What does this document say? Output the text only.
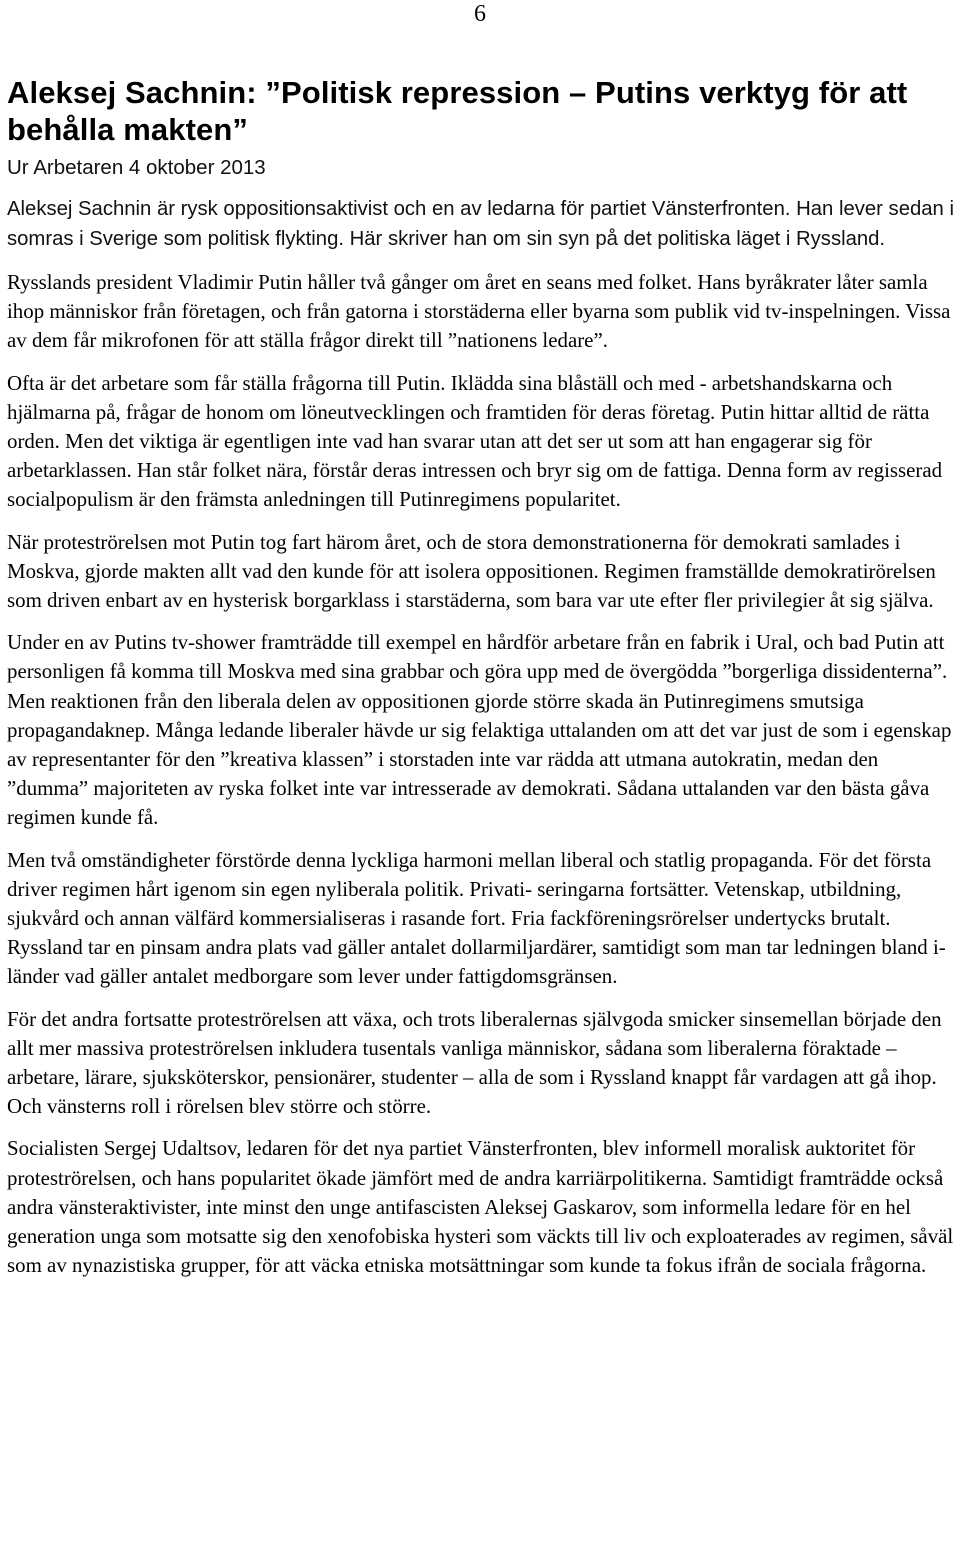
6
Aleksej Sachnin: ”Politisk repression – Putins verktyg för att behålla makten”
Ur Arbetaren 4 oktober 2013

Aleksej Sachnin är rysk oppositionsaktivist och en av ledarna för partiet Vänsterfronten. Han lever sedan i somras i Sverige som politisk flykting. Här skriver han om sin syn på det politiska läget i Ryssland.

Rysslands president Vladimir Putin håller två gånger om året en seans med folket. Hans byråkrater låter samla ihop människor från företagen, och från gatorna i storstäderna eller byarna som publik vid tv-inspelningen. Vissa av dem får mikrofonen för att ställa frågor direkt till ”nationens ledare”.

Ofta är det arbetare som får ställa frågorna till Putin. Iklädda sina blåställ och med - arbetshandskarna och hjälmarna på, frågar de honom om löneutvecklingen och framtiden för deras företag. Putin hittar alltid de rätta orden. Men det viktiga är egentligen inte vad han svarar utan att det ser ut som att han engagerar sig för arbetarklassen. Han står folket nära, förstår deras intressen och bryr sig om de fattiga. Denna form av regisserad socialpopulism är den främsta anledningen till Putinregimens popularitet.

När proteströrelsen mot Putin tog fart härom året, och de stora demonstrationerna för demokrati samlades i Moskva, gjorde makten allt vad den kunde för att isolera oppositionen. Regimen framställde demokratirörelsen som driven enbart av en hysterisk borgarklass i starstäderna, som bara var ute efter fler privilegier åt sig själva.

Under en av Putins tv-shower framträdde till exempel en hårdför arbetare från en fabrik i Ural, och bad Putin att personligen få komma till Moskva med sina grabbar och göra upp med de övergödda ”borgerliga dissidenterna”. Men reaktionen från den liberala delen av oppositionen gjorde större skada än Putinregimens smutsiga propagandaknep. Många ledande liberaler hävde ur sig felaktiga uttalanden om att det var just de som i egenskap av representanter för den ”kreativa klassen” i storstaden inte var rädda att utmana autokratin, medan den ”dumma” majoriteten av ryska folket inte var intresserade av demokrati. Sådana uttalanden var den bästa gåva regimen kunde få.

Men två omständigheter förstörde denna lyckliga harmoni mellan liberal och statlig propaganda. För det första driver regimen hårt igenom sin egen nyliberala politik. Privati- seringarna fortsätter. Vetenskap, utbildning, sjukvård och annan välfärd kommersialiseras i rasande fort. Fria fackföreningsrörelser undertycks brutalt. Ryssland tar en pinsam andra plats vad gäller antalet dollarmiljardärer, samtidigt som man tar ledningen bland i-länder vad gäller antalet medborgare som lever under fattigdomsgränsen.

För det andra fortsatte proteströrelsen att växa, och trots liberalernas självgoda smicker sinsemellan började den allt mer massiva proteströrelsen inkludera tusentals vanliga människor, sådana som liberalerna föraktade – arbetare, lärare, sjuksköterskor, pensionärer, studenter – alla de som i Ryssland knappt får vardagen att gå ihop. Och vänsterns roll i rörelsen blev större och större.

Socialisten Sergej Udaltsov, ledaren för det nya partiet Vänsterfronten, blev informell moralisk auktoritet för proteströrelsen, och hans popularitet ökade jämfört med de andra karriärpolitikerna. Samtidigt framträdde också andra vänsteraktivister, inte minst den unge antifascisten Aleksej Gaskarov, som informella ledare för en hel generation unga som motsatte sig den xenofobiska hysteri som väckts till liv och exploaterades av regimen, såväl som av nynazistiska grupper, för att väcka etniska motsättningar som kunde ta fokus ifrån de sociala frågorna.
